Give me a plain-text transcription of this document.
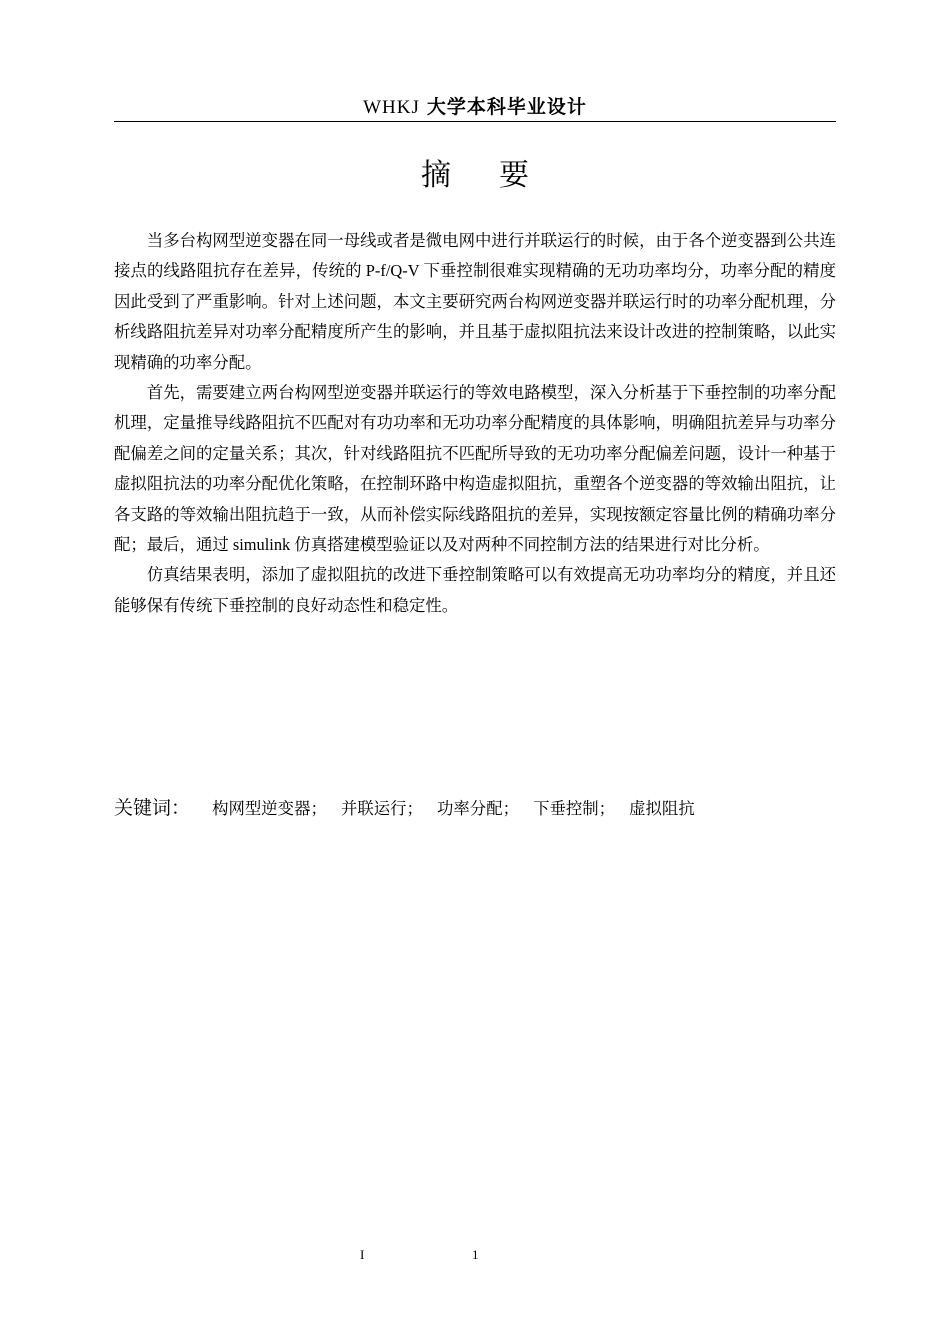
WHKJ 大学本科毕业设计
摘 要

当多台构网型逆变器在同一母线或者是微电网中进行并联运行的时候，由于各个逆变器到公共连接点的线路阻抗存在差异，传统的 P-f/Q-V 下垂控制很难实现精确的无功功率均分，功率分配的精度因此受到了严重影响。针对上述问题，本文主要研究两台构网逆变器并联运行时的功率分配机理，分析线路阻抗差异对功率分配精度所产生的影响，并且基于虚拟阻抗法来设计改进的控制策略，以此实现精确的功率分配。

首先，需要建立两台构网型逆变器并联运行的等效电路模型，深入分析基于下垂控制的功率分配机理，定量推导线路阻抗不匹配对有功功率和无功功率分配精度的具体影响，明确阻抗差异与功率分配偏差之间的定量关系；其次，针对线路阻抗不匹配所导致的无功功率分配偏差问题，设计一种基于虚拟阻抗法的功率分配优化策略，在控制环路中构造虚拟阻抗，重塑各个逆变器的等效输出阻抗，让各支路的等效输出阻抗趋于一致，从而补偿实际线路阻抗的差异，实现按额定容量比例的精确功率分配；最后，通过 simulink 仿真搭建模型验证以及对两种不同控制方法的结果进行对比分析。

仿真结果表明，添加了虚拟阻抗的改进下垂控制策略可以有效提高无功功率均分的精度，并且还能够保有传统下垂控制的良好动态性和稳定性。

关键词： 构网型逆变器； 并联运行； 功率分配； 下垂控制； 虚拟阻抗
I	1
